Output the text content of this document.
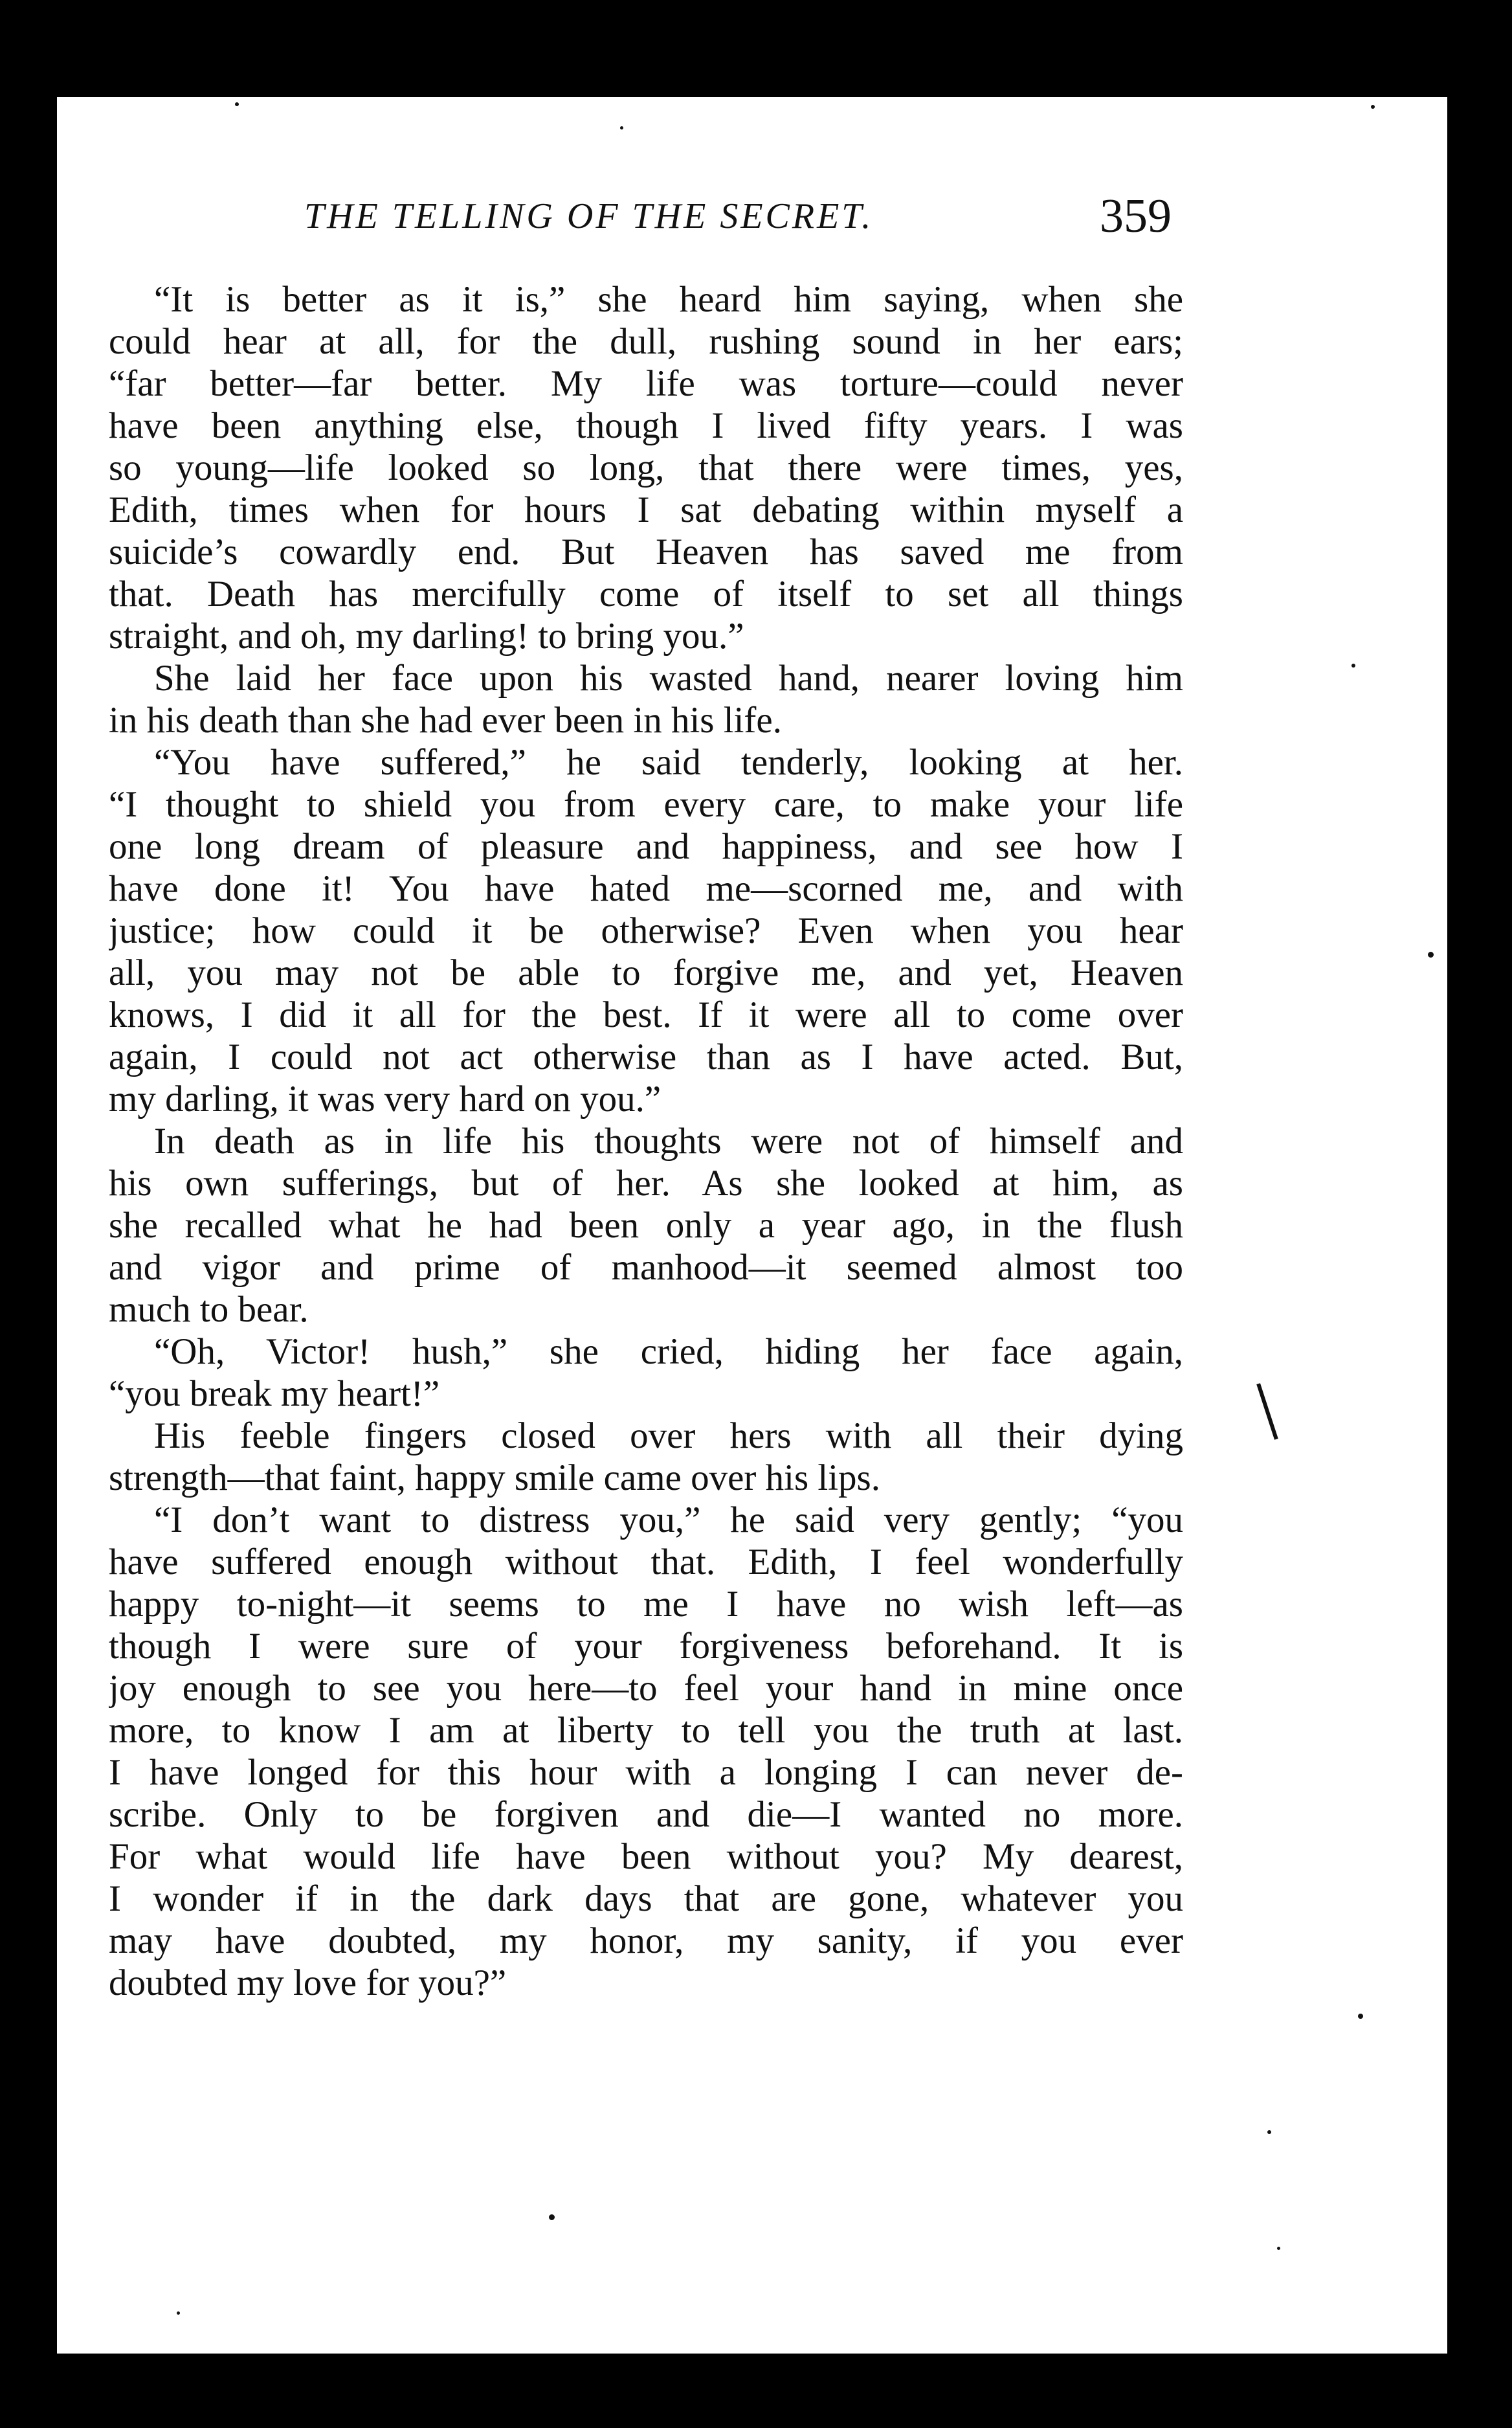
THE TELLING OF THE SECRET.	359
“It is better as it is,” she heard him saying, when she
could hear at all, for the dull, rushing sound in her ears;
“far better—far better. My life was torture—could never
have been anything else, though I lived fifty years. I was
so young—life looked so long, that there were times, yes,
Edith, times when for hours I sat debating within myself a
suicide’s cowardly end. But Heaven has saved me from
that. Death has mercifully come of itself to set all things
straight, and oh, my darling! to bring you.”
She laid her face upon his wasted hand, nearer loving him
in his death than she had ever been in his life.
“You have suffered,” he said tenderly, looking at her.
“I thought to shield you from every care, to make your life
one long dream of pleasure and happiness, and see how I
have done it! You have hated me—scorned me, and with
justice; how could it be otherwise? Even when you hear
all, you may not be able to forgive me, and yet, Heaven
knows, I did it all for the best. If it were all to come over
again, I could not act otherwise than as I have acted. But,
my darling, it was very hard on you.”
In death as in life his thoughts were not of himself and
his own sufferings, but of her. As she looked at him, as
she recalled what he had been only a year ago, in the flush
and vigor and prime of manhood—it seemed almost too
much to bear.
“Oh, Victor! hush,” she cried, hiding her face again,
“you break my heart!”
His feeble fingers closed over hers with all their dying
strength—that faint, happy smile came over his lips.
“I don’t want to distress you,” he said very gently; “you
have suffered enough without that. Edith, I feel wonderfully
happy to-night—it seems to me I have no wish left—as
though I were sure of your forgiveness beforehand. It is
joy enough to see you here—to feel your hand in mine once
more, to know I am at liberty to tell you the truth at last.
I have longed for this hour with a longing I can never de-
scribe. Only to be forgiven and die—I wanted no more.
For what would life have been without you? My dearest,
I wonder if in the dark days that are gone, whatever you
may have doubted, my honor, my sanity, if you ever
doubted my love for you?”
